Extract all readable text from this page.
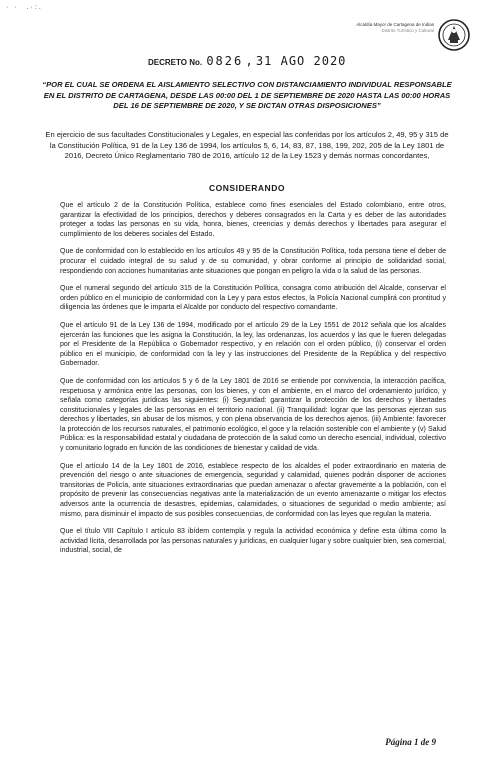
· · .·:.
Alcaldía Mayor de Cartagena de Indias
Distrito Turístico y Cultural
DECRETO No. 0826 , 31 AGO 2020
“POR EL CUAL SE ORDENA EL AISLAMIENTO SELECTIVO CON DISTANCIAMIENTO INDIVIDUAL RESPONSABLE EN EL DISTRITO DE CARTAGENA, DESDE LAS 00:00 DEL 1 DE SEPTIEMBRE DE 2020 HASTA LAS 00:00 HORAS DEL 16 DE SEPTIEMBRE DE 2020, Y SE DICTAN OTRAS DISPOSICIONES”
En ejercicio de sus facultades Constitucionales y Legales, en especial las conferidas por los artículos 2, 49, 95 y 315 de la Constitución Política, 91 de la Ley 136 de 1994, los artículos 5, 6, 14, 83, 87, 198, 199, 202, 205 de la Ley 1801 de 2016, Decreto Único Reglamentario 780 de 2016, artículo 12 de la Ley 1523 y demás normas concordantes,
CONSIDERANDO

Que el artículo 2 de la Constitución Política, establece como fines esenciales del Estado colombiano, entre otros, garantizar la efectividad de los principios, derechos y deberes consagrados en la Carta y es deber de las autoridades proteger a todas las personas en su vida, honra, bienes, creencias y demás derechos y libertades para asegurar el cumplimiento de los deberes sociales del Estado.

Que de conformidad con lo establecido en los artículos 49 y 95 de la Constitución Política, toda persona tiene el deber de procurar el cuidado integral de su salud y de su comunidad, y obrar conforme al principio de solidaridad social, respondiendo con acciones humanitarias ante situaciones que pongan en peligro la vida o la salud de las personas.

Que el numeral segundo del artículo 315 de la Constitución Política, consagra como atribución del Alcalde, conservar el orden público en el municipio de conformidad con la Ley y para estos efectos, la Policía Nacional cumplirá con prontitud y diligencia las órdenes que le imparta el Alcalde por conducto del respectivo comandante.

Que el artículo 91 de la Ley 136 de 1994, modificado por el artículo 29 de la Ley 1551 de 2012 señala que los alcaldes ejercerán las funciones que les asigna la Constitución, la ley, las ordenanzas, los acuerdos y las que le fueren delegadas por el Presidente de la República o Gobernador respectivo, y en relación con el orden público, (i) conservar el orden público en el municipio, de conformidad con la ley y las instrucciones del Presidente de la República y del respectivo Gobernador.

Que de conformidad con los artículos 5 y 6 de la Ley 1801 de 2016 se entiende por convivencia, la interacción pacífica, respetuosa y armónica entre las personas, con los bienes, y con el ambiente, en el marco del ordenamiento jurídico, y señala como categorías jurídicas las siguientes: (i) Seguridad: garantizar la protección de los derechos y libertades constitucionales y legales de las personas en el territorio nacional. (ii) Tranquilidad: lograr que las personas ejerzan sus derechos y libertades, sin abusar de los mismos, y con plena observancia de los derechos ajenos. (iii) Ambiente: favorecer la protección de los recursos naturales, el patrimonio ecológico, el goce y la relación sostenible con el ambiente y (v) Salud Pública: es la responsabilidad estatal y ciudadana de protección de la salud como un derecho esencial, individual, colectivo y comunitario logrado en función de las condiciones de bienestar y calidad de vida.

Que el artículo 14 de la Ley 1801 de 2016, establece respecto de los alcaldes el poder extraordinario en materia de prevención del riesgo o ante situaciones de emergencia, seguridad y calamidad, quienes podrán disponer de acciones transitorias de Policía, ante situaciones extraordinarias que puedan amenazar o afectar gravemente a la población, con el propósito de prevenir las consecuencias negativas ante la materialización de un evento amenazante o mitigar los efectos adversos ante la ocurrencia de desastres, epidemias, calamidades, o situaciones de seguridad o medio ambiente; así mismo, para disminuir el impacto de sus posibles consecuencias, de conformidad con las leyes que regulan la materia.

Que el título VIII Capítulo I artículo 83 ibídem contempla y regula la actividad económica y define esta última como la actividad lícita, desarrollada por las personas naturales y jurídicas, en cualquier lugar y sobre cualquier bien, sea comercial, industrial, social, de

Página 1 de 9
